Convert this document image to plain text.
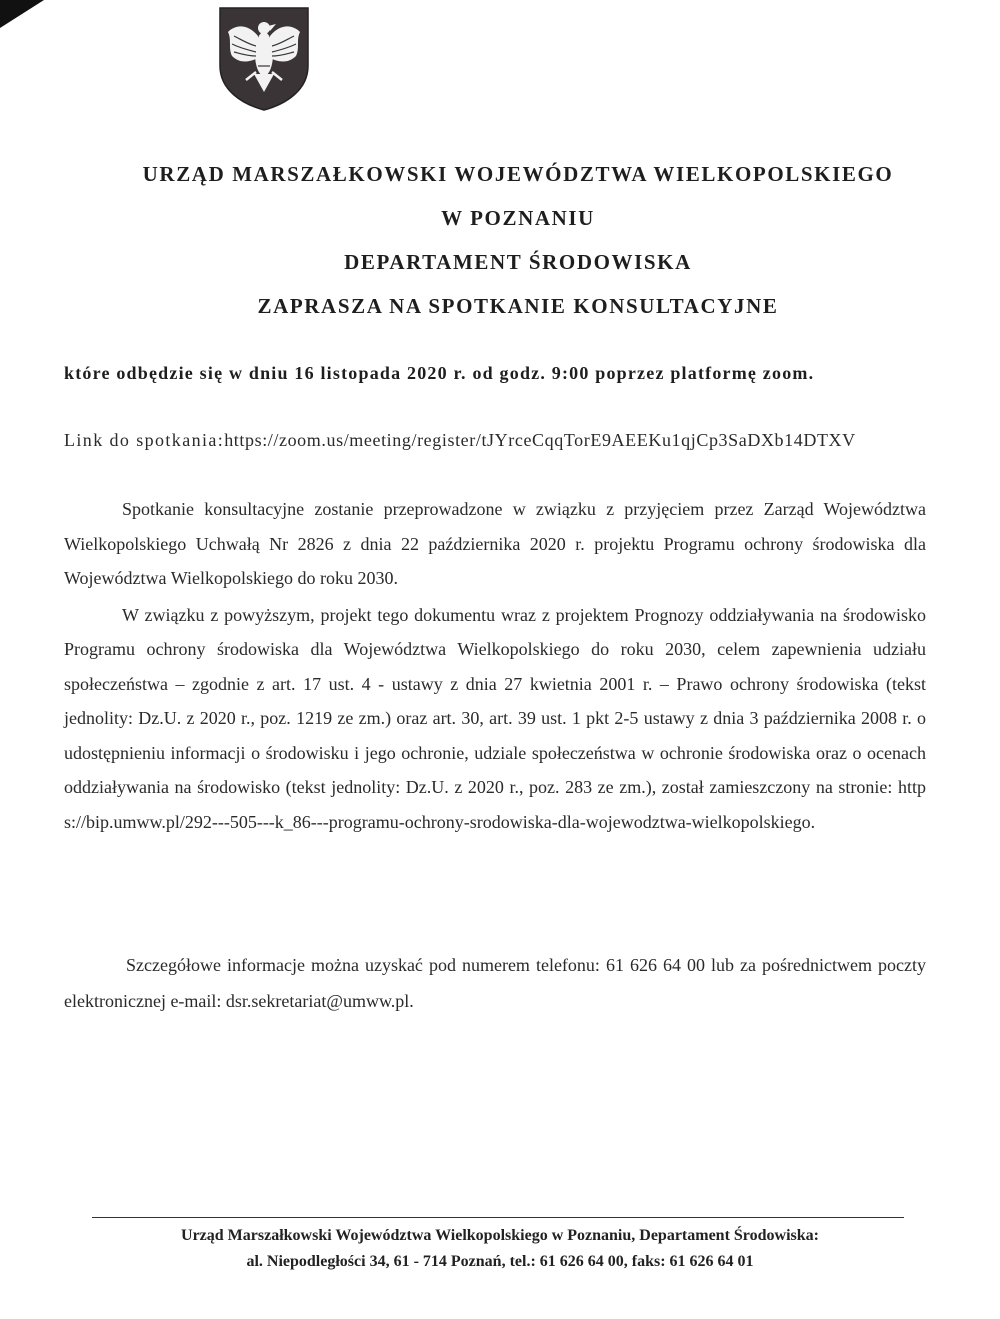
URZĄD MARSZAŁKOWSKI WOJEWÓDZTWA WIELKOPOLSKIEGO
W POZNANIU
DEPARTAMENT ŚRODOWISKA
ZAPRASZA NA SPOTKANIE KONSULTACYJNE
które odbędzie się w dniu 16 listopada 2020 r. od godz. 9:00 poprzez platformę zoom.
Link do spotkania:https://zoom.us/meeting/register/tJYrceCqqTorE9AEEKu1qjCp3SaDXb14DTXV

Spotkanie konsultacyjne zostanie przeprowadzone w związku z przyjęciem przez Zarząd Województwa Wielkopolskiego Uchwałą Nr 2826 z dnia 22 października 2020 r. projektu Programu ochrony środowiska dla Województwa Wielkopolskiego do roku 2030.

W związku z powyższym, projekt tego dokumentu wraz z projektem Prognozy oddziaływania na środowisko Programu ochrony środowiska dla Województwa Wielkopolskiego do roku 2030, celem zapewnienia udziału społeczeństwa – zgodnie z art. 17 ust. 4 - ustawy z dnia 27 kwietnia 2001 r. – Prawo ochrony środowiska (tekst jednolity: Dz.U. z 2020 r., poz. 1219 ze zm.) oraz art. 30, art. 39 ust. 1 pkt 2-5 ustawy z dnia 3 października 2008 r. o udostępnieniu informacji o środowisku i jego ochronie, udziale społeczeństwa w ochronie środowiska oraz o ocenach oddziaływania na środowisko (tekst jednolity: Dz.U. z 2020 r., poz. 283 ze zm.), został zamieszczony na stronie: https://bip.umww.pl/292---505---k_86---programu-ochrony-srodowiska-dla-wojewodztwa-wielkopolskiego.

Szczegółowe informacje można uzyskać pod numerem telefonu: 61 626 64 00 lub za pośrednictwem poczty elektronicznej e-mail: dsr.sekretariat@umww.pl.

Urząd Marszałkowski Województwa Wielkopolskiego w Poznaniu, Departament Środowiska:
al. Niepodległości 34, 61 - 714 Poznań, tel.: 61 626 64 00, faks: 61 626 64 01
